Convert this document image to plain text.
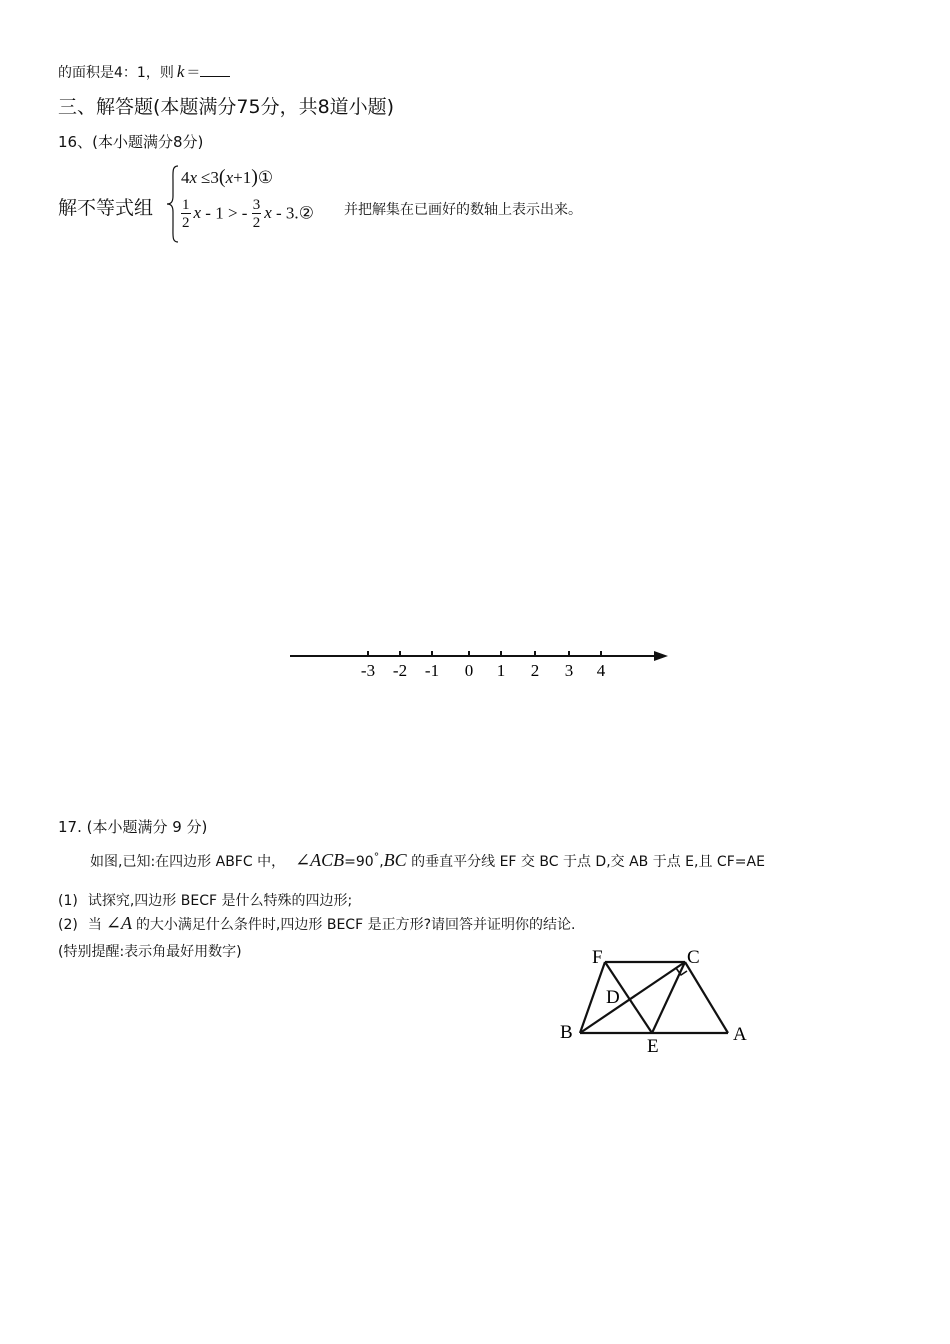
的面积是4：1，则 k ＝
三、解答题(本题满分75分，共8道小题)
16、(本小题满分8分)
解不等式组
4x ≤3(x+1)①
$\frac{1}{2}$ x - 1 > - $\frac{3}{2}$ x - 3.② 并把解集在已画好的数轴上表示出来。
-3 -2 -1 0 1 2 3 4
17. (本小题满分 9 分)
如图,已知:在四边形 ABFC 中， ∠ACB=90°,BC 的垂直平分线 EF 交 BC 于点 D,交 AB 于点 E,且 CF=AE
(1) 试探究,四边形 BECF 是什么特殊的四边形;
(2) 当 ∠A 的大小满足什么条件时,四边形 BECF 是正方形?请回答并证明你的结论.
(特别提醒:表示角最好用数字)	F	C
D
B
E
A
